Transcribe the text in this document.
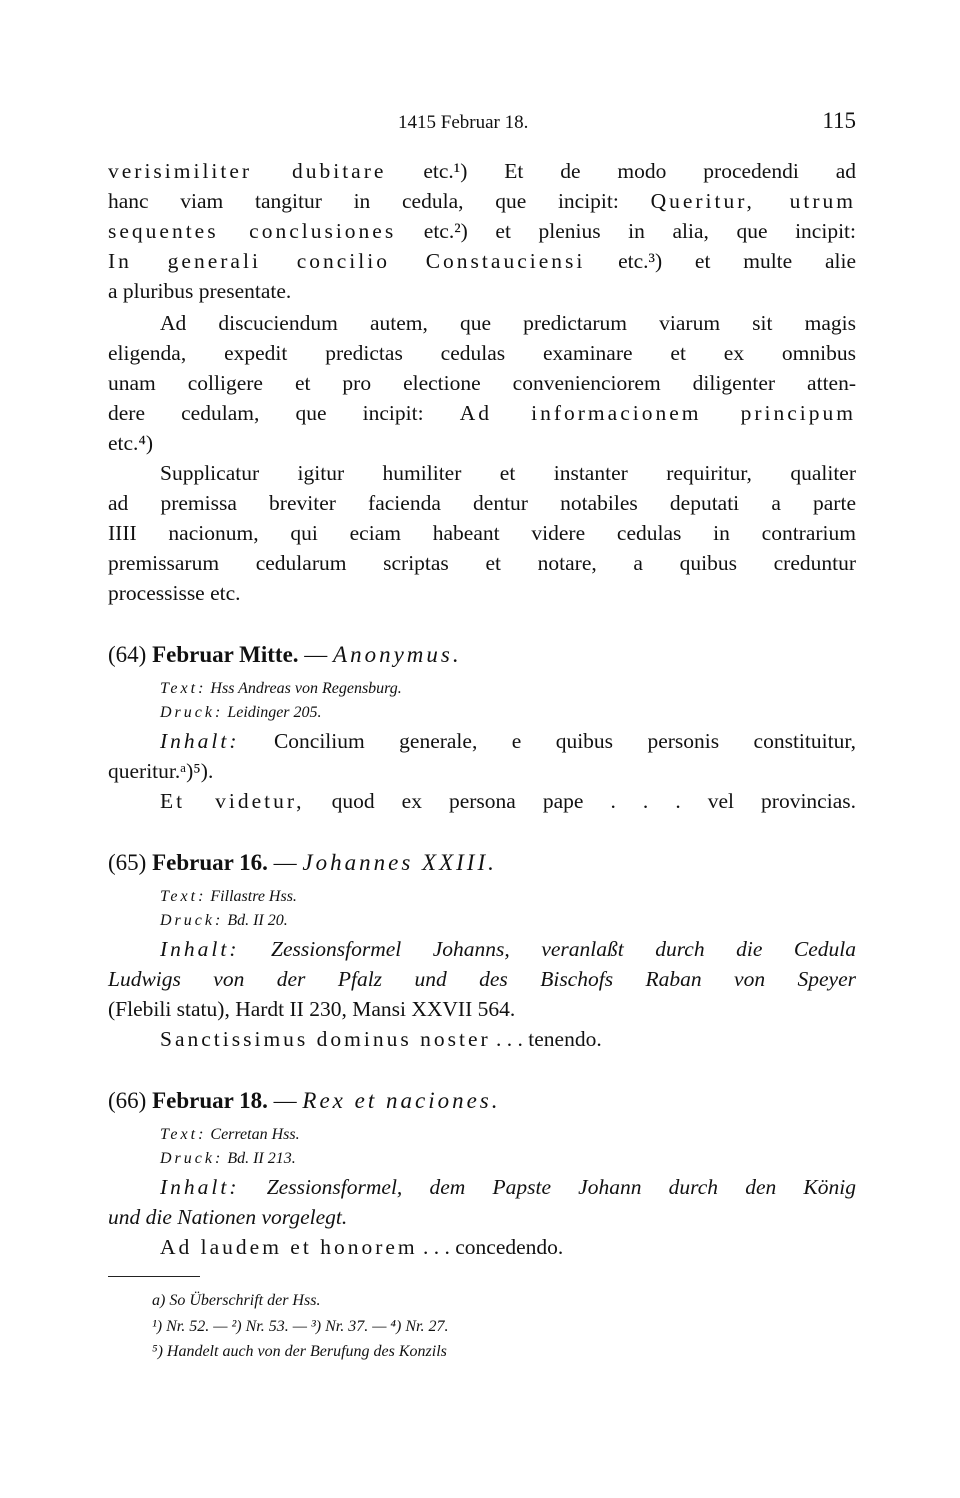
1415 Februar 18.	115
verisimiliter dubitare etc.¹) Et de modo procedendi ad
hanc viam tangitur in cedula, que incipit: Queritur, utrum
sequentes conclusiones etc.²) et plenius in alia, que incipit:
In generali concilio Constauciensi etc.³) et multe alie
a pluribus presentate.
Ad discuciendum autem, que predictarum viarum sit magis
eligenda, expedit predictas cedulas examinare et ex omnibus
unam colligere et pro electione convenienciorem diligenter atten-
dere cedulam, que incipit: Ad informacionem principum
etc.⁴)
Supplicatur igitur humiliter et instanter requiritur, qualiter
ad premissa breviter facienda dentur notabiles deputati a parte
IIII nacionum, qui eciam habeant videre cedulas in contrarium
premissarum cedularum scriptas et notare, a quibus creduntur
processisse etc.
(64) Februar Mitte. — Anonymus.
Text: Hss Andreas von Regensburg.
Druck: Leidinger 205.
Inhalt: Concilium generale, e quibus personis constituitur,
queritur.ᵃ)⁵).
Et videtur, quod ex persona pape . . . vel provincias.
(65) Februar 16. — Johannes XXIII.
Text: Fillastre Hss.
Druck: Bd. II 20.
Inhalt: Zessionsformel Johanns, veranlaßt durch die Cedula
Ludwigs von der Pfalz und des Bischofs Raban von Speyer
(Flebili statu), Hardt II 230, Mansi XXVII 564.
Sanctissimus dominus noster . . . tenendo.
(66) Februar 18. — Rex et naciones.
Text: Cerretan Hss.
Druck: Bd. II 213.
Inhalt: Zessionsformel, dem Papste Johann durch den König
und die Nationen vorgelegt.
Ad laudem et honorem . . . concedendo.
a) So Überschrift der Hss.
¹) Nr. 52. — ²) Nr. 53. — ³) Nr. 37. — ⁴) Nr. 27.
⁵) Handelt auch von der Berufung des Konzils
